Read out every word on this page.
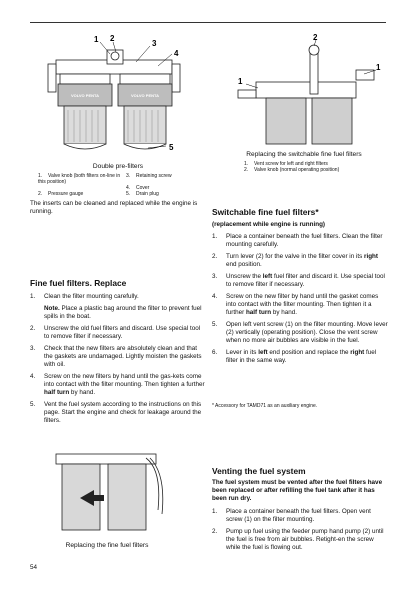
VOLVO PENTA	VOLVO PENTA
1 2
3
4
5
Double pre-filters
1. Valve knob (both filters on-line in this position)
3. Retaining screw

4. Cover
2. Pressure gauge	5. Drain plug
The inserts can be cleaned and replaced while the engine is running.
Fine fuel filters. Replace
1. Clean the filter mounting carefully.
Note. Place a plastic bag around the filter to prevent fuel spills in the boat.
2. Unscrew the old fuel filters and discard. Use special tool to remove filter if necessary.
3. Check that the new filters are absolutely clean and that the gaskets are undamaged. Lightly moisten the gaskets with oil.
4. Screw on the new filters by hand until the gas-kets come into contact with the filter mounting. Then tighten a further half turn by hand.
5. Vent the fuel system according to the instructions on this page. Start the engine and check for leakage around the filters.
2
1
1
Replacing the switchable fine fuel filters
1. Vent screw for left and right filters
2. Valve knob (normal operating position)
Switchable fine fuel filters*
(replacement while engine is running)
1. Place a container beneath the fuel filters. Clean the filter mounting carefully.
2. Turn lever (2) for the valve in the filter cover in its right end position.
3. Unscrew the left fuel filter and discard it. Use special tool to remove filter if necessary.
4. Screw on the new filter by hand until the gasket comes into contact with the filter mounting. Then tighten it a further half turn by hand.
5. Open left vent screw (1) on the filter mounting. Move lever (2) vertically (operating position). Close the vent screw when no more air bubbles are visible in the fuel.
6. Lever in its left end position and replace the right fuel filter in the same way.
* Accessory for TAMD71 as an auxiliary engine.
Replacing the fine fuel filters
Venting the fuel system
The fuel system must be vented after the fuel filters have been replaced or after refilling the fuel tank after it has been run dry.
1. Place a container beneath the fuel filters. Open vent screw (1) on the filter mounting.
2. Pump up fuel using the feeder pump hand pump (2) until the fuel is free from air bubbles. Retight-en the screw while the fuel is flowing out.
54
